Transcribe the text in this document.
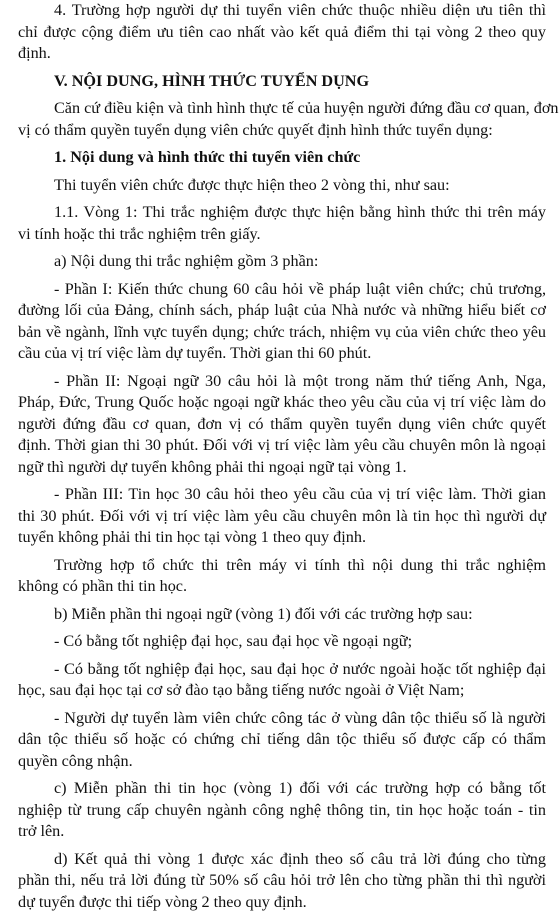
4. Trường hợp người dự thi tuyển viên chức thuộc nhiều diện ưu tiên thì
chỉ được cộng điểm ưu tiên cao nhất vào kết quả điểm thi tại vòng 2 theo quy
định.
V. NỘI DUNG, HÌNH THỨC TUYỂN DỤNG
Căn cứ điều kiện và tình hình thực tế của huyện người đứng đầu cơ quan, đơn
vị có thẩm quyền tuyển dụng viên chức quyết định hình thức tuyển dụng:
1. Nội dung và hình thức thi tuyển viên chức
Thi tuyển viên chức được thực hiện theo 2 vòng thi, như sau:
1.1. Vòng 1: Thi trắc nghiệm được thực hiện bằng hình thức thi trên máy
vi tính hoặc thi trắc nghiệm trên giấy.
a) Nội dung thi trắc nghiệm gồm 3 phần:
- Phần I: Kiến thức chung 60 câu hỏi về pháp luật viên chức; chủ trương,
đường lối của Đảng, chính sách, pháp luật của Nhà nước và những hiểu biết cơ
bản về ngành, lĩnh vực tuyển dụng; chức trách, nhiệm vụ của viên chức theo yêu
cầu của vị trí việc làm dự tuyển. Thời gian thi 60 phút.
- Phần II: Ngoại ngữ 30 câu hỏi là một trong năm thứ tiếng Anh, Nga,
Pháp, Đức, Trung Quốc hoặc ngoại ngữ khác theo yêu cầu của vị trí việc làm do
người đứng đầu cơ quan, đơn vị có thẩm quyền tuyển dụng viên chức quyết
định. Thời gian thi 30 phút. Đối với vị trí việc làm yêu cầu chuyên môn là ngoại
ngữ thì người dự tuyển không phải thi ngoại ngữ tại vòng 1.
- Phần III: Tin học 30 câu hỏi theo yêu cầu của vị trí việc làm. Thời gian
thi 30 phút. Đối với vị trí việc làm yêu cầu chuyên môn là tin học thì người dự
tuyển không phải thi tin học tại vòng 1 theo quy định.
Trường hợp tổ chức thi trên máy vi tính thì nội dung thi trắc nghiệm
không có phần thi tin học.
b) Miễn phần thi ngoại ngữ (vòng 1) đối với các trường hợp sau:
- Có bằng tốt nghiệp đại học, sau đại học về ngoại ngữ;
- Có bằng tốt nghiệp đại học, sau đại học ở nước ngoài hoặc tốt nghiệp đại
học, sau đại học tại cơ sở đào tạo bằng tiếng nước ngoài ở Việt Nam;
- Người dự tuyển làm viên chức công tác ở vùng dân tộc thiểu số là người
dân tộc thiểu số hoặc có chứng chỉ tiếng dân tộc thiểu số được cấp có thẩm
quyền công nhận.
c) Miễn phần thi tin học (vòng 1) đối với các trường hợp có bằng tốt
nghiệp từ trung cấp chuyên ngành công nghệ thông tin, tin học hoặc toán - tin
trở lên.
d) Kết quả thi vòng 1 được xác định theo số câu trả lời đúng cho từng
phần thi, nếu trả lời đúng từ 50% số câu hỏi trở lên cho từng phần thi thì người
dự tuyển được thi tiếp vòng 2 theo quy định.
